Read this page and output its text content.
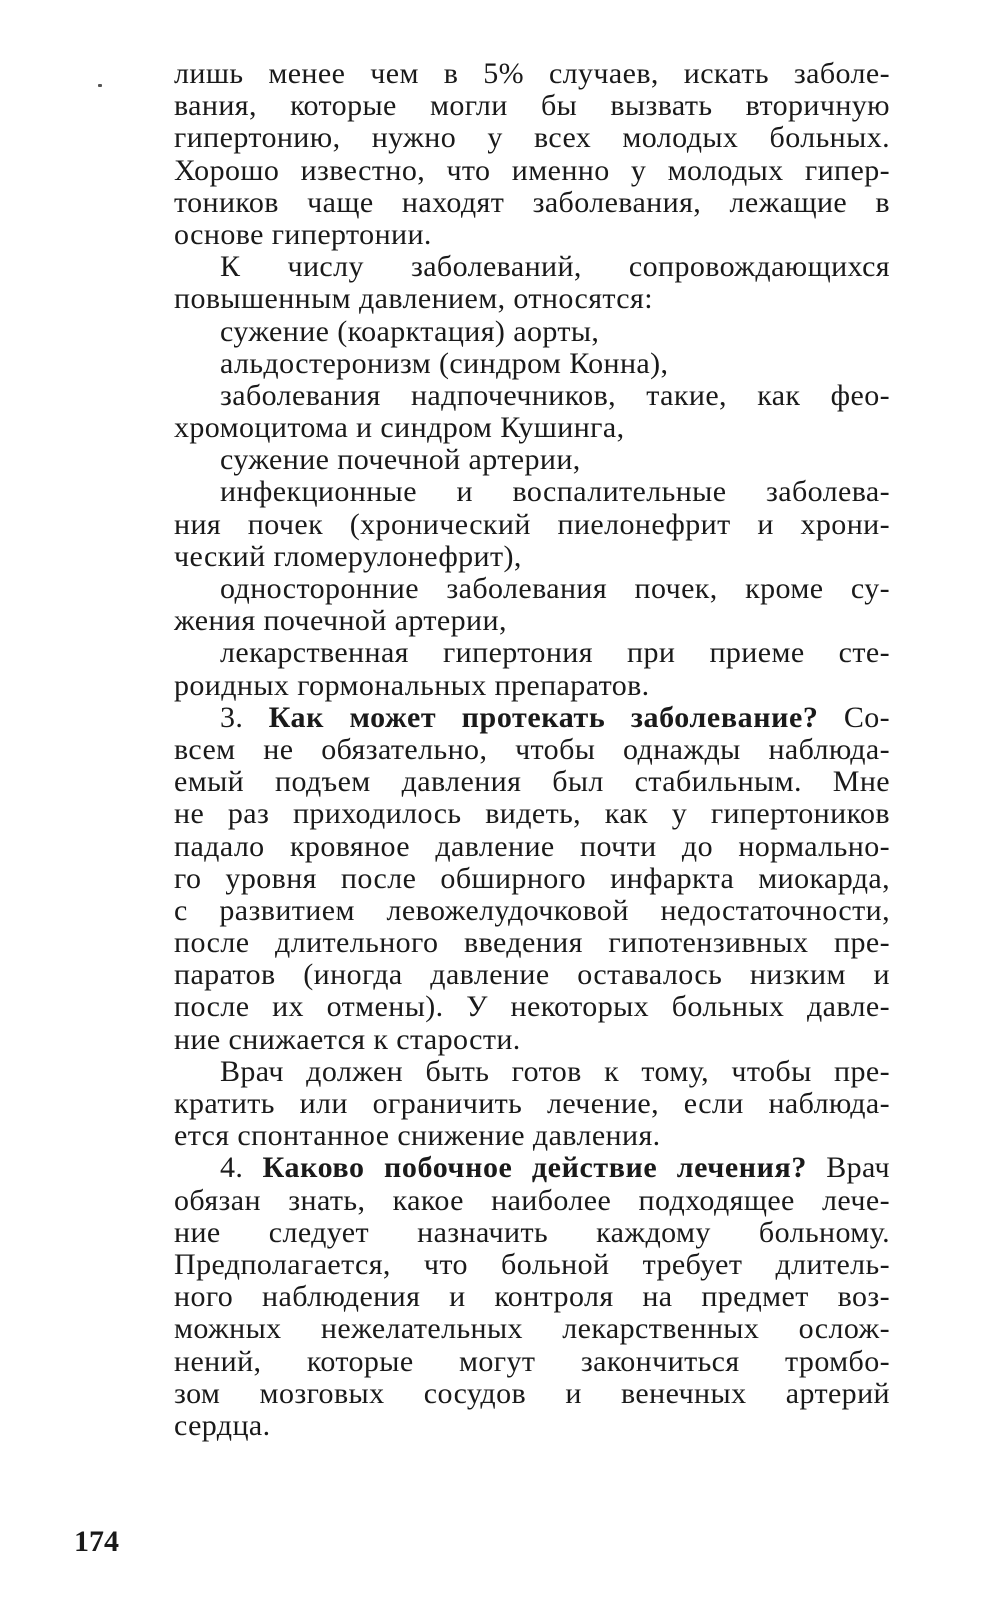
лишь менее чем в 5% случаев, искать заболе-
вания, которые могли бы вызвать вторичную
гипертонию, нужно у всех молодых больных.
Хорошо известно, что именно у молодых гипер-
тоников чаще находят заболевания, лежащие в
основе гипертонии.
К числу заболеваний, сопровождающихся
повышенным давлением, относятся:
сужение (коарктация) аорты,
альдостеронизм (синдром Конна),
заболевания надпочечников, такие, как фео-
хромоцитома и синдром Кушинга,
сужение почечной артерии,
инфекционные и воспалительные заболева-
ния почек (хронический пиелонефрит и хрони-
ческий гломерулонефрит),
односторонние заболевания почек, кроме су-
жения почечной артерии,
лекарственная гипертония при приеме сте-
роидных гормональных препаратов.
3. Как может протекать заболевание? Со-
всем не обязательно, чтобы однажды наблюда-
емый подъем давления был стабильным. Мне
не раз приходилось видеть, как у гипертоников
падало кровяное давление почти до нормально-
го уровня после обширного инфаркта миокарда,
с развитием левожелудочковой недостаточности,
после длительного введения гипотензивных пре-
паратов (иногда давление оставалось низким и
после их отмены). У некоторых больных давле-
ние снижается к старости.
Врач должен быть готов к тому, чтобы пре-
кратить или ограничить лечение, если наблюда-
ется спонтанное снижение давления.
4. Каково побочное действие лечения? Врач
обязан знать, какое наиболее подходящее лече-
ние следует назначить каждому больному.
Предполагается, что больной требует длитель-
ного наблюдения и контроля на предмет воз-
можных нежелательных лекарственных ослож-
нений, которые могут закончиться тромбо-
зом мозговых сосудов и венечных артерий
сердца.
174
